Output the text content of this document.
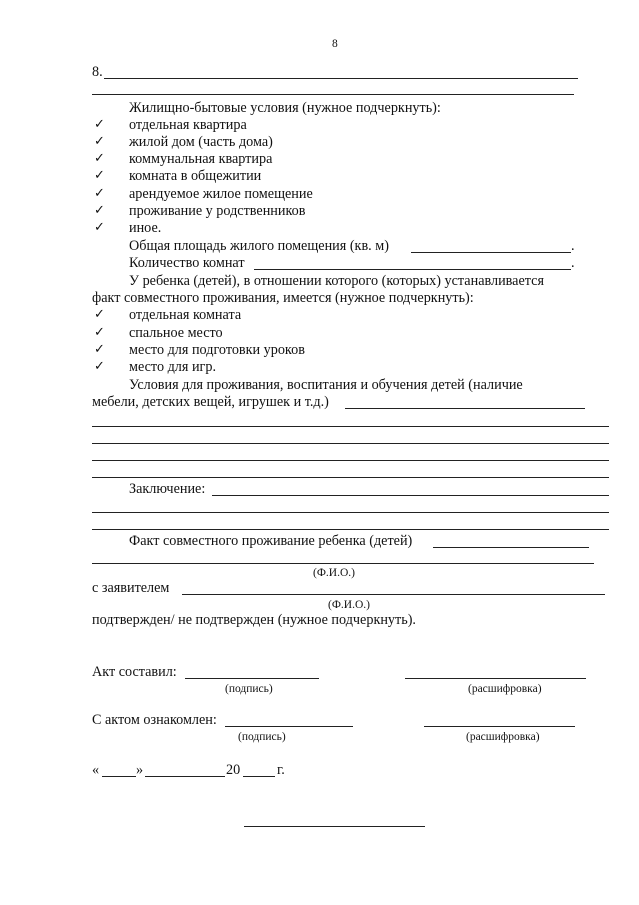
8
8.
Жилищно-бытовые условия (нужное подчеркнуть):
✓ отдельная квартира
✓ жилой дом (часть дома)
✓ коммунальная квартира
✓ комната в общежитии
✓ арендуемое жилое помещение
✓ проживание у родственников
✓ иное.
Общая площадь жилого помещения (кв. м)	.
Количество комнат	.
У ребенка (детей), в отношении которого (которых) устанавливается
факт совместного проживания, имеется (нужное подчеркнуть):
✓ отдельная комната
✓ спальное место
✓ место для подготовки уроков
✓ место для игр.
Условия для проживания, воспитания и обучения детей (наличие
мебели, детских вещей, игрушек и т.д.)
Заключение:
Факт совместного проживание ребенка (детей)
(Ф.И.О.)
с заявителем
(Ф.И.О.)
подтвержден/ не подтвержден (нужное подчеркнуть).
Акт составил:
(подпись)	(расшифровка)
С актом ознакомлен:
(подпись)	(расшифровка)
«	»	20	г.
